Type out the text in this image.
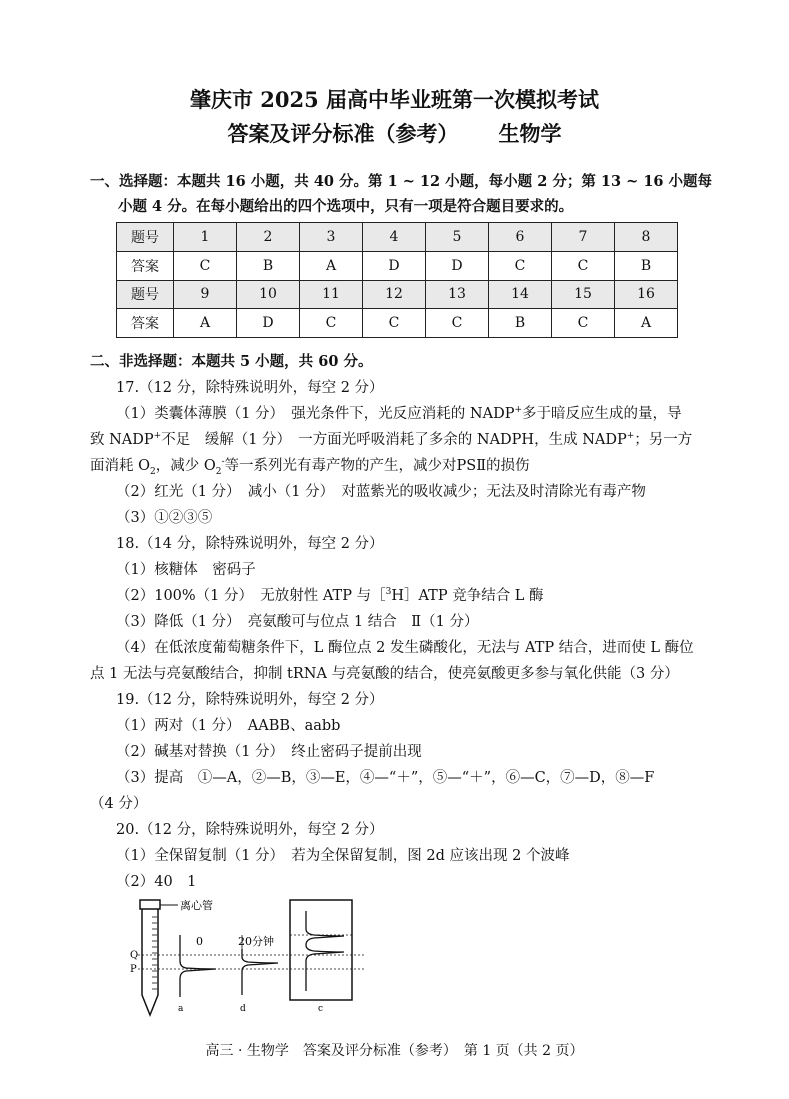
肇庆市 2025 届高中毕业班第一次模拟考试
答案及评分标准（参考） 生物学
一、选择题：本题共 16 小题，共 40 分。第 1 ~ 12 小题，每小题 2 分；第 13 ~ 16 小题每
小题 4 分。在每小题给出的四个选项中，只有一项是符合题目要求的。
题号	1	2	3	4	5	6	7	8
答案	C	B	A	D	D	C	C	B
题号	9	10	11	12	13	14	15	16
答案	A	D	C	C	C	B	C	A
二、非选择题：本题共 5 小题，共 60 分。
17.（12 分，除特殊说明外，每空 2 分）
（1）类囊体薄膜（1 分）　强光条件下，光反应消耗的 NADP+多于暗反应生成的量，导
致 NADP+不足　缓解（1 分）　一方面光呼吸消耗了多余的 NADPH，生成 NADP+；另一方
面消耗 $O_2$，减少 $O_2^-$等一系列光有毒产物的产生，减少对PSⅡ的损伤
（2）红光（1 分）　减小（1 分）　对蓝紫光的吸收减少；无法及时清除光有毒产物
（3）①②③⑤
18.（14 分，除特殊说明外，每空 2 分）
（1）核糖体　密码子
（2）100%（1 分）　无放射性 ATP 与［$^3$H］ATP 竞争结合 L 酶
（3）降低（1 分）　亮氨酸可与位点 1 结合　Ⅱ（1 分）
（4）在低浓度葡萄糖条件下，L 酶位点 2 发生磷酸化，无法与 ATP 结合，进而使 L 酶位
点 1 无法与亮氨酸结合，抑制 tRNA 与亮氨酸的结合，使亮氨酸更多参与氧化供能（3 分）
19.（12 分，除特殊说明外，每空 2 分）
（1）两对（1 分）　AABB、aabb
（2）碱基对替换（1 分）　终止密码子提前出现
（3）提高　①—A，②—B，③—E，④—“＋”，⑤—“＋”，⑥—C，⑦—D，⑧—F
（4 分）
20.（12 分，除特殊说明外，每空 2 分）
（1）全保留复制（1 分）　若为全保留复制，图 2d 应该出现 2 个波峰
（2）40　1
离心管
Q
P
0
a
20分钟
d	c
高三 · 生物学　答案及评分标准（参考）　第 1 页（共 2 页）
